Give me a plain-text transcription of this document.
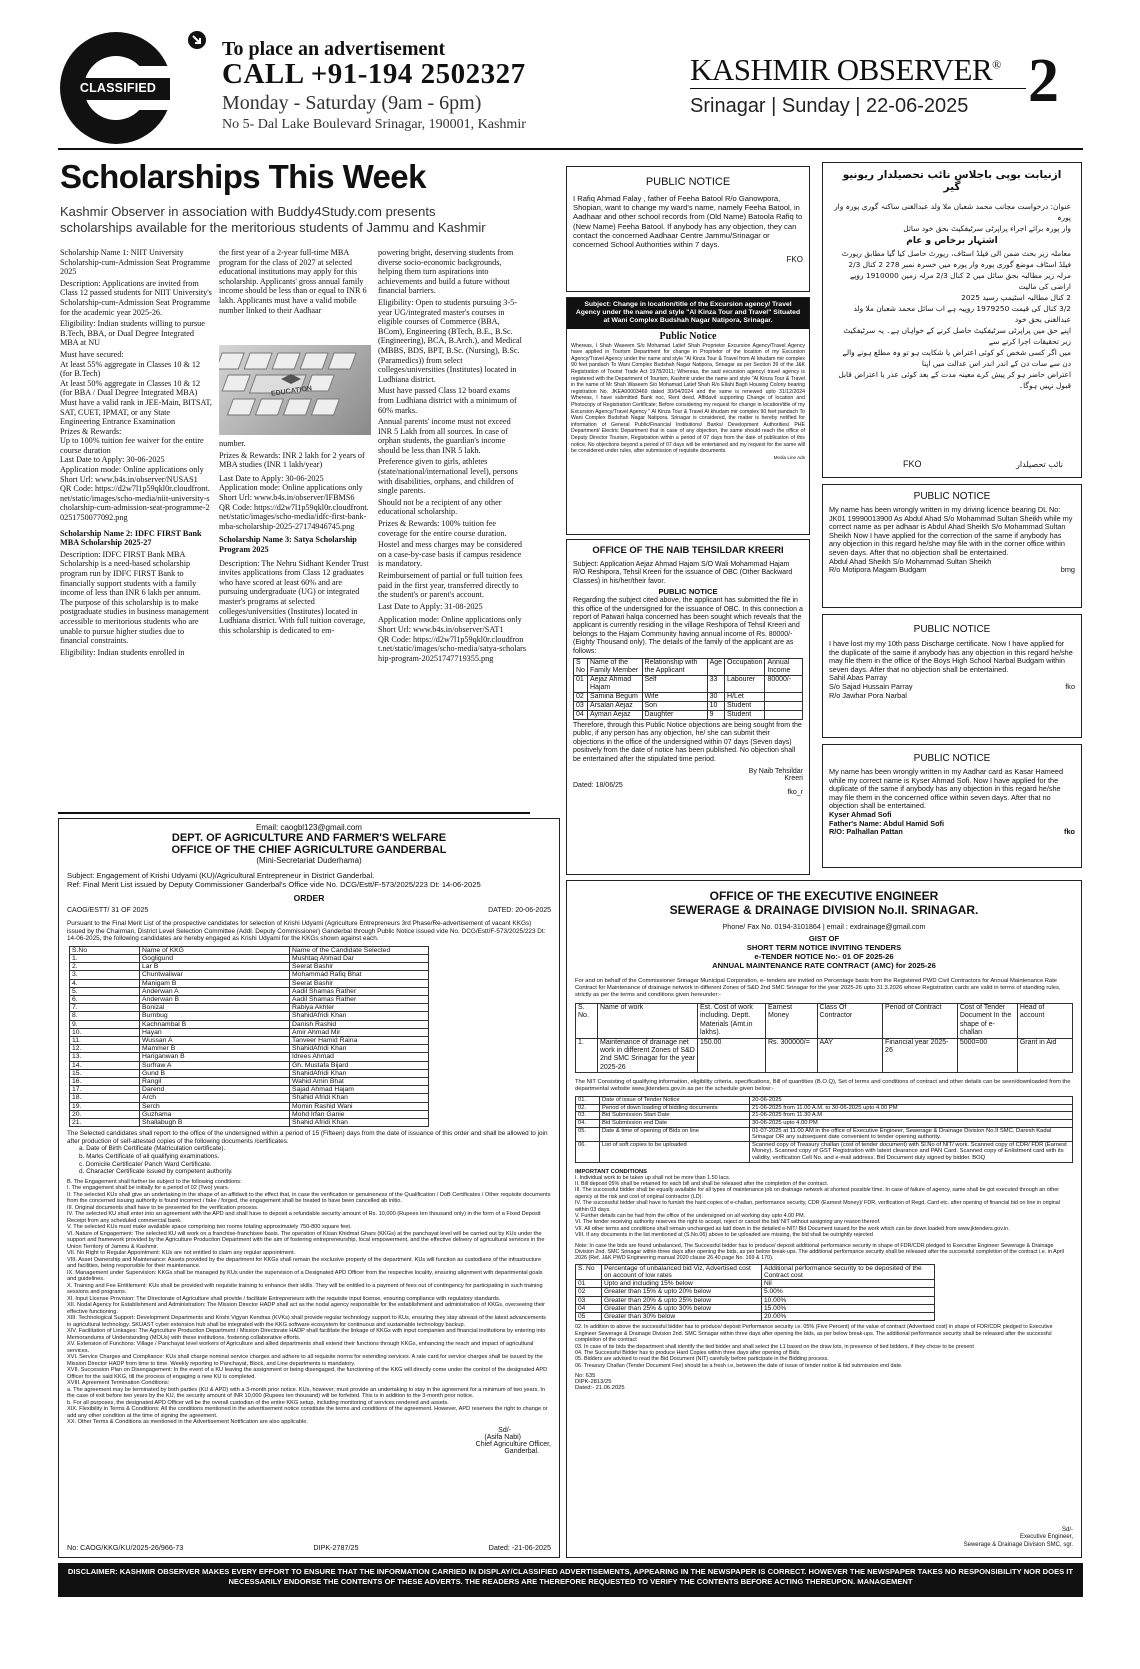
CLASSIFIED
To place an advertisement
CALL +91-194 2502327
Monday - Saturday (9am - 6pm)
No 5- Dal Lake Boulevard Srinagar, 190001, Kashmir
KASHMIR OBSERVER®
Srinagar | Sunday | 22-06-2025 2
Scholarships This Week
Kashmir Observer in association with Buddy4Study.com presents scholarships available for the meritorious students of Jammu and Kashmir
Scholarship Name 1: NIIT University Scholarship-cum-Admission Seat Programme 2025
Description: Applications are invited from Class 12 passed students for NIIT University's Scholarship-cum-Admission Seat Programme for the academic year 2025-26.
Eligibility: Indian students willing to pursue B.Tech, BBA, or Dual Degree Integrated MBA at NU
Must have secured:
At least 55% aggregate in Classes 10 & 12 (for B.Tech)
At least 50% aggregate in Classes 10 & 12 (for BBA / Dual Degree Integrated MBA)
Must have a valid rank in JEE-Main, BITSAT, SAT, CUET, IPMAT, or any State Engineering Entrance Examination
Prizes & Rewards:
Up to 100% tuition fee waiver for the entire course duration
Last Date to Apply: 30-06-2025
Application mode: Online applications only
Short Url: www.b4s.in/observer/NUSAS1
QR Code: https://d2w7l1p59qkl0r.cloudfront.net/static/images/scho-media/niit-university-scholarship-cum-admission-seat-programme-20251750077092.png
Scholarship Name 2: IDFC FIRST Bank MBA Scholarship 2025-27
Description: IDFC FIRST Bank MBA Scholarship is a need-based scholarship program run by IDFC FIRST Bank to financially support students with a family income of less than INR 6 lakh per annum. The purpose of this scholarship is to make postgraduate studies in business management accessible to meritorious students who are unable to pursue higher studies due to financial constraints.
Eligibility: Indian students enrolled in
the first year of a 2-year full-time MBA program for the class of 2027 at selected educational institutions may apply for this scholarship. Applicants' gross annual family income should be less than or equal to INR 6 lakh. Applicants must have a valid mobile number linked to their Aadhaar
EDUCATION
number.
Prizes & Rewards: INR 2 lakh for 2 years of MBA studies (INR 1 lakh/year)
Last Date to Apply: 30-06-2025
Application mode: Online applications only
Short Url: www.b4s.in/observer/IFBMS6
QR Code: https://d2w7l1p59qkl0r.cloudfront.net/static/images/scho-media/idfc-first-bank-mba-scholarship-2025-27174946745.png
Scholarship Name 3: Satya Scholarship Program 2025
Description: The Nehru Sidhant Kender Trust invites applications from Class 12 graduates who have scored at least 60% and are pursuing undergraduate (UG) or integrated master's programs at selected colleges/universities (Institutes) located in Ludhiana district. With full tuition coverage, this scholarship is dedicated to em-
powering bright, deserving students from diverse socio-economic backgrounds, helping them turn aspirations into achievements and build a future without financial barriers.
Eligibility: Open to students pursuing 3-5-year UG/integrated master's courses in eligible courses of Commerce (BBA, BCom), Engineering (BTech, B.E., B.Sc. (Engineering), BCA, B.Arch.), and Medical (MBBS, BDS, BPT, B.Sc. (Nursing), B.Sc. (Paramedics)) from select colleges/universities (Institutes) located in Ludhiana district.
Must have passed Class 12 board exams from Ludhiana district with a minimum of 60% marks.
Annual parents' income must not exceed INR 5 Lakh from all sources. In case of orphan students, the guardian's income should be less than INR 5 lakh.
Preference given to girls, athletes (state/national/international level), persons with disabilities, orphans, and children of single parents.
Should not be a recipient of any other educational scholarship.
Prizes & Rewards: 100% tuition fee coverage for the entire course duration.
Hostel and mess charges may be considered on a case-by-case basis if campus residence is mandatory.
Reimbursement of partial or full tuition fees paid in the first year, transferred directly to the student's or parent's account.
Last Date to Apply: 31-08-2025
Application mode: Online applications only
Short Url: www.b4s.in/observer/SAT1
QR Code: https://d2w7l1p59qkl0r.cloudfront.net/static/images/scho-media/satya-scholarship-program-20251747719355.png
PUBLIC NOTICE
I Rafiq Ahmad Falay , father of Feeha Batool R/o Ganowpora, Shopian, want to change my ward's name, namely Feeha Batool, in Aadhaar and other school records from (Old Name) Batoola Rafiq to (New Name) Feeha Batool. If anybody has any objection, they can contact the concerned Aadhaar Centre Jammu/Srinagar or concerned School Authorities within 7 days.
FKO
Subject: Change in location/title of the Excursion agency/ Travel Agency under the name and style "Al Kinza Tour and Travel" Situated at Wani Complex Budshah Nagar Natipora, Srinagar.
Public Notice
Whereas, I Shah Waseem S/o Mohamad Latief Shah Proprietor Excursion Agency/Travel Agency have applied in Tourism Department for change in Proprietor of the location of my Excursion Agency/Travel Agency under the name and style "Al Kinza Tour & Travel from Al khudam mir complex 90 feet pandach To Wani Complex Budshah Nagar Natipora, Srinagar as per Section 39 of the J&K Registration of Tourist Trade Act 1978/2011; Whereas, the said excursion agency/ travel agency is registered with the Department of Tourism, Kashmir under the name and style "Al Kinza Tour & Travel in the name of Mr Shah Waseem S/o Mohamad Latief Shah R/o Ellahi Bagh Housing Colony bearing registration No. JKEA00003469 dated 30/04/2024 and the same is renewed upto 31/12/2024 Whereas, I have submitted Bank noc, Rent deed, Affidavit supporting Change of location and Photocopy of Registration Certificate; Before considering my request for change in location/title of my Excursion Agency/Travel Agency " Al Kinza Tour & Travel Al khudam mir complex 90 feet pandach To Wani Complex Budshah Nagar Natipora, Srinagar is considered, the matter is hereby notified for information of General Public/Financial Institutions/ Banks/ Development Authorities/ PHE Department/ Electric Department that in case of any objection, the same should reach the office of Deputy Director Tourism, Registration within a period of 07 days from the date of publication of this notice. No objections beyond a period of 07 days will be entertained and my request for the same will be considered under rules, after submission of requisite documents.
Media Line Ads
ازنیابت بوپی باجلاس نائب تحصیلدار ریونیو گیر
عنوان: درخواست مجانب محمد شعبان ملا ولد عبدالغنی ساکنہ گوری پورہ وار پورہ
وار پورہ برائے اجراء پراپرٹی سرٹیفکیٹ بحق خود سائل
اشتہار برخاص و عام
معاملہ زیر بحث ضمن الی فیلڈ اسٹاف، ریورٹ حاصل کیا گیا مطابق ریورٹ فیلڈ اسٹاف موضع گوری پورہ وار پورہ میں خسرہ نمبر 278 2 کنال 2/3 مرلہ زیر مطالبہ بحق سائل میں 2 کنال 2/3 مرلہ زمین 1910000 روپے اراضی کی مالیت
2 کنال مطالبہ اسٹیمپ رسید 2025
3/2 کنال کی قیمت 1979250 روپیہ ہے اب سائل محمد شعبان ملا ولد عبدالغنی بحق خود
اپنے حق میں پراپرٹی سرٹیفکیٹ حاصل کرنے کے خواہاں ہے۔ یہ سرٹیفکیٹ زیر تحقیقات اجرا کرنے سے
میں اگر کسی شخص کو کوئی اعتراض یا شکایت ہو تو وہ مطلع ہونے والے دن سے سات دن کے اندر اندر اس عدالت میں اپنا
اعتراض حاضر ہو کر پیش کرے معینہ مدت کے بعد کوئی عذر یا اعتراض قابل
قبول نہیں ہوگا۔
FKO	نائب تحصیلدار
PUBLIC NOTICE
My name has been wrongly written in my driving licence bearing DL No: JK01 19990013900 As Abdul Ahad S/o Mohammad Sultan Sheikh while my correct name as per adhaar is Abdul Ahad Sheikh S/o Mohammad Sultan Sheikh Now I have applied for the correction of the same if anybody has any objection in this regard he/she may file with in the corner office within seven days. After that no objection shall be entertained.
Abdul Ahad Sheikh S/o Mohammad Sultan Sheikh
R/o Motipora Magam Budgam	bmg
PUBLIC NOTICE
I have lost my my 10th pass Discharge certificate. Now I have applied for the duplicate of the same if anybody has any objection in this regard he/she may file them in the office of the Boys High School Narbal Budgam within seven days. After that no objection shall be entertained.
Sahil Abas Parray
S/o Sajad Hussain Parray	fko
R/o Jawhar Pora Narbal
PUBLIC NOTICE
My name has been wrongly written in my Aadhar card as Kasar Hameed while my correct name is Kyser Ahmad Sofi. Now I have applied for the duplicate of the same if anybody has any objection in this regard he/she may file them in the concerned office within seven days. After that no objection shall be entertained.
Kyser Ahmad Sofi
Father's Name: Abdul Hamid Sofi
R/O: Palhallan Pattan	fko
OFFICE OF THE NAIB TEHSILDAR KREERI
Subject: Application Aejaz Ahmad Hajam S/O Wali Mohammad Hajam R/O Reshipora, Tehsil Kreeri for the issuance of OBC (Other Backward Classes) in his/her/their favor.
PUBLIC NOTICE
Regarding the subject cited above, the applicant has submitted the file in this office of the undersigned for the issuance of OBC. In this connection a report of Patwari halqa concerned has been sought which reveals that the applicant is currently residing in the village Reshipora of Tehsil Kreeri and belongs to the Hajam Community having annual income of Rs. 80000/- (Eighty Thousand only). The details of the family of the applicant are as follows:
S No	Name of the Family Member	Relationship with the Applicant	Age	Occupation	Annual Income
01	Aejaz Ahmad Hajam	Self	33	Labourer	80000/-
02	Samina Begum	Wife	30	H/Let	
03	Arsalan Aejaz	Son	10	Student	
04	Ayman Aejaz	Daughter	9	Student	
Therefore, through this Public Notice objections are being sought from the public, if any person has any objection, he/ she can submit their objections in the office of the undersigned within 07 days (Seven days) positively from the date of notice has been published. No objection shall be entertained after the stipulated time period.
By Naib Tehsildar
Kreeri
Dated: 18/06/25
fko_r
Email: caogbl123@gmail.com
DEPT. OF AGRICULTURE AND FARMER'S WELFARE
OFFICE OF THE CHIEF AGRICULTURE GANDERBAL
(Mini-Secretariat Duderhama)
Subject: Engagement of Krishi Udyami (KU)/Agricultural Entrepreneur in District Ganderbal.
Ref: Final Merit List issued by Deputy Commissioner Ganderbal's Office vide No. DCG/Estt/F-573/2025/223 Dt: 14-06-2025
ORDER
CAOG/ESTT/ 31 OF 2025	DATED: 20-06-2025
Pursuant to the Final Merit List of the prospective candidates for selection of Krishi Udyami (Agriculture Entrepreneurs 3rd Phase/Re-advertisement of vacant KKGs) issued by the Chairman, District Level Selection Committee (Addl. Deputy Commissioner) Ganderbal through Public Notice issued vide No. DCG/Estt/F-573/2025/223 Dt: 14-06-2025, the following candidates are hereby engaged as Krishi Udyami for the KKGs shown against each.
S.No	Name of KKG	Name of the Candidate Selected
1.	Gogligund	Mushtaq Ahmad Dar
2.	Lar B	Seerat Bashir
3.	Chuntwaliwar	Mohammad Rafiq Bhat
4.	Manigam B	Seerat Bashir
5.	Anderwan A	Aadil Shamas Rather
6.	Anderwan B	Aadil Shamas Rather
7.	Bonizal	Rabiya Akhter
8.	Burnbug	ShahidAfridi Khan
9.	Kachnambal B	Danish Rashid
10.	Hayan	Amir Ahmad Mir
11.	Wussan A	Tanveer Hamid Raina
12.	Mammer B	ShahidAfridi Khan
13.	Hariganwan B	Idrees Ahmad
14.	Surfraw A	Gh. Mustafa Bijard
15.	Gund B	ShahidAfridi Khan
16.	Rangil	Wahid Amin Bhat
17.	Darend	Sajad Ahmad Hajam
18.	Arch	Shahid Afridi Khan
19.	Serch	Momin Rashid Wani
20.	Guzhama	Mohd Irfan Ganie
21.	Shallabugh B	Shahid Afridi Khan
The Selected candidates shall report to the office of the undersigned within a period of 15 (Fifteen) days from the date of issuance of this order and shall be allowed to join after production of self-attested copies of the following documents /certificates.
a. Date of Birth Certificate (Matriculation certificate).
b. Marks Certificate of all qualifying examinations.
c. Domicile Certificate/ Panch Ward Certificate.
d. Character Certificate issued by competent authority.
B. The Engagement shall further be subject to the following conditions:
I. The engagement shall be initially for a period of 02 (Two) years.
II. The selected KUs shall give an undertaking in the shape of an affidavit to the effect that, in case the verification or genuineness of the Qualification / DoB Certificates / Other requisite documents from the concerned issuing authority is found incorrect / fake / forged, the engagement shall be treated to have been cancelled ab initio.
III. Original documents shall have to be presented for the verification process.
IV. The selected KU shall enter into an agreement with the APD and shall have to deposit a refundable security amount of Rs. 10,000 (Rupees ten thousand only) in the form of a Fixed Deposit Receipt from any scheduled commercial bank.
V. The selected KUs must make available space comprising two rooms totaling approximately 750-800 square feet.
VI. Nature of Engagement: The selected KU will work on a franchise-franchisee basis. The operation of Kisan Khidmat Ghars (KKGs) at the panchayat level will be carried out by KUs under the support and framework provided by the Agriculture Production Department with the aim of fostering entrepreneurship, local empowerment, and the effective delivery of agricultural services in the Union Territory of Jammu & Kashmir.
VII. No Right to Regular Appointment: KUs are not entitled to claim any regular appointment.
VIII. Asset Ownership and Maintenance: Assets provided by the department for KKGs shall remain the exclusive property of the department. KUs will function as custodians of the infrastructure and facilities, being responsible for their maintenance.
IX. Management under Supervision: KKGs shall be managed by KUs under the supervision of a Designated APD Officer from the respective locality, ensuring alignment with departmental goals and guidelines.
X. Training and Fee Entitlement: KUs shall be provided with requisite training to enhance their skills. They will be entitled to a payment of fees out of contingency for participating in such training sessions and programs.
XI. Input License Provision: The Directorate of Agriculture shall provide / facilitate Entrepreneurs with the requisite input license, ensuring compliance with regulatory standards.
XII. Nodal Agency for Establishment and Administration: The Mission Director HADP shall act as the nodal agency responsible for the establishment and administration of KKGs, overseeing their effective functioning.
XIII. Technological Support: Development Departments and Krishi Vigyan Kendras (KVKs) shall provide regular technology support to KUs, ensuring they stay abreast of the latest advancements in agricultural technology. SKUAST cyber extension hub shall be integrated with the KKG software ecosystem for continuous and sustainable technology backup.
XIV. Facilitation of Linkages: The Agriculture Production Department / Mission Directorate HADP shall facilitate the linkage of KKGs with input companies and financial institutions by entering into Memorandums of Understanding (MOUs) with these institutions, fostering collaborative efforts.
XV. Extension of Functions: Village / Panchayat level workers of Agriculture and allied departments shall extend their functions through KKGs, enhancing the reach and impact of agricultural services.
XVI. Service Charges and Compliance: KUs shall charge nominal service charges and adhere to all requisite norms for extending services. A rate card for service charges shall be issued by the Mission Director HADP from time to time. Weekly reporting to Panchayat, Block, and Line departments is mandatory.
XVII. Succession Plan on Disengagement: In the event of a KU leaving the assignment or being disengaged, the functioning of the KKG will directly come under the control of the designated APD Officer for the said KKG, till the process of engaging a new KU is completed.
XVIII. Agreement Termination Conditions:
a. The agreement may be terminated by both parties (KU & APD) with a 3-month prior notice. KUs, however, must provide an undertaking to stay in the agreement for a minimum of two years. In the case of exit before two years by the KU, the security amount of INR 10,000 (Rupees ten thousand) will be forfeited. This is in addition to the 3-month prior notice.
b. For all purposes, the designated APD Officer will be the overall custodian of the entire KKG setup, including monitoring of services rendered and assets.
XIX. Flexibility in Terms & Conditions: All the conditions mentioned in the advertisement notice constitute the terms and conditions of the agreement. However, APD reserves the right to change or add any other condition at the time of signing the agreement.
XX. Other Terms & Conditions as mentioned in the Advertisement Notification are also applicable.
Sd/-
(Asifa Nabi)
Chief Agriculture Officer,
Ganderbal.
No: CAOG/KKG/KU/2025-26/966-73	DIPK-2787/25	Dated: -21-06-2025
OFFICE OF THE EXECUTIVE ENGINEER
SEWERAGE & DRAINAGE DIVISION No.II. SRINAGAR.
Phone/ Fax No. 0194-3101864 | email : exdrainage@gmail.com
GIST OF
SHORT TERM NOTICE INVITING TENDERS
e-TENDER NOTICE No:- 01 OF 2025-26
ANNUAL MAINTENANCE RATE CONTRACT (AMC) for 2025-26
For and on behalf of the Commissioner Srinagar Municipal Corporation, e- tenders are invited on Percentage basis from the Registered PWD Civil Contractors for Annual Maintenance Rate Contract for Maintenance of drainage network in different Zones of S&D 2nd SMC Srinagar for the year 2025-26 upto 31.3.2026 whose Registration cards are valid in terms of standing rules, strictly as per the terms and conditions given hereunder:-
S. No.	Name of work	Est. Cost of work including. Deptt. Materials (Amt.in lakhs).	Earnest Money	Class Of Contractor	Period of Contract	Cost of Tender Document In the shape of e-challan	Head of account
1.	Maintenance of drainage net work in different Zones of S&D 2nd SMC Srinagar for the year 2025-26	150.00	Rs. 300000/=	AAY	Financial year 2025-26	5000=00	Grant in Aid
The NIT Consisting of qualifying information, eligibility criteria, specifications, Bill of quantities (B.O.Q), Set of terms and conditions of contract and other details can be seen/downloaded from the departmental website www.jktenders.gov.in as per the schedule given below:-
01.	Date of issue of Tender Notice	20-06-2025
02.	Period of down loading of bidding documents	21-06-2025 from 11.00 A.M. to 30-06-2025 upto 4.00 PM
03.	Bid Submission Start Date	21-06-2025 from 11.30 A.M
04.	Bid Submission end Date	30-06-2025 upto 4.00 PM
05.	Date & time of opening of Bids on line	01-07-2025 at 11.00 AM in the office of Executive Engineer, Sewerage & Drainage Division No.II SMC, Daresh Kadal Srinagar OR any subsequent date convenient to tender opening authority.
06.	List of soft copies to be uploaded	Scanned copy of Treasury challan (cost of tender document) with Sl.No of NIT/ work. Scanned copy of CDR/ FDR (Earnest Money). Scanned copy of GST Registration with latest clearance and PAN Card. Scanned copy of Enlistment card with its validity, verification Cell No. and e-mail address. Bid Document duly signed by bidder. BOQ
IMPORTANT CONDITIONS
I. Individual work to be taken up shall not be more than 1.50 lacs.
II. Bill deposit 05% shall be retained for each bill and shall be released after the completion of the contract.
III. The successful bidder shall be equally available for all types of maintenance job on drainage network at shortest possible time. In case of failure of agency, same shall be got executed through an other agency at the risk and cost of original contractor (LD).
IV. The successful bidder shall have to furnish the hard copies of e-challan, performance security, CDR (Earnest Money)/ FDR, verification of Regd. Card etc. after opening of financial bid on line in original within 03 days.
V. Further details can be had from the office of the undersigned on all working day upto 4.00 PM.
VI. The tender receiving authority reserves the right to accept, reject or cancel the bid/ NIT without assigning any reason thereof.
VII. All other terms and conditions shall remain unchanged as laid down in the detailed e-NIT/ Bid Document issued for the work which can be down loaded from www.jktenders.gov.in.
VIII. If any documents in the list mentioned at (S.No.06) above to be uploaded are missing, the bid shall be outrightly rejected
Note: In case the bids are found unbalanced, The Successful bidder has to produce/ deposit additional performance security in shape of FDR/CDR pledged to Executive Engineer Sewerage & Drainage Division 2nd. SMC Srinagar within three days after opening the bids, as per below break-ups. The additional performance security shall be released after the successful completion of the contract i.e. in April 2026 (Ref. J&K PWD Engineering manual 2020 clause 26.40 page No. 169 & 170).
S. No	Percentage of unbalanced bid Viz, Advertised cost on account of low rates	Additional performance security to be deposited of the Contract cost
01	Upto and including 15% below	Nil
02	Greater than 15% & upto 20% below	5.00%
03	Greater than 20% & upto 25% below	10.00%
04	Greater than 25% & upto 30% below	15.00%
05	Greater than 30% below	20.00%
02. In addition to above the successful bidder has to produce/ deposit Performance security i.e. 05% (Five Percent) of the value of contract (Advertised cost) in shape of FDR/CDR pledged to Executive Engineer Sewerage & Drainage Division 2nd. SMC Srinagar within three days after opening the bids, as per below break-ups. The additional performance security shall be released after the successful completion of the contract
03. In case of tie bids the department shall identify the tied bidder and shall select the L1 based on the draw lots, in presence of tied bidders, if they chose to be present
04. The Successful Bidder has to produce Hard Copies within three days after opening of Bids.
05. Bidders are advised to read the Bid Document (NIT) carefully before participate in the Bidding process.
06. Treasury Challan (Tender Document Fee) should be a fresh i.e, between the date of issue of tender notice & bid submission end date.
No: 635
DIPK-2813/25
Dated:- 21.06.2025
Sd/-
Executive Engineer,
Sewerage & Drainage Division SMC, sgr.
DISCLAIMER: KASHMIR OBSERVER MAKES EVERY EFFORT TO ENSURE THAT THE INFORMATION CARRIED IN DISPLAY/CLASSIFIED ADVERTISEMENTS, APPEARING IN THE NEWSPAPER IS CORRECT. HOWEVER THE NEWSPAPER TAKES NO RESPONSIBILITY NOR DOES IT NECESSARILY ENDORSE THE CONTENTS OF THESE ADVERTS. THE READERS ARE THEREFORE REQUESTED TO VERIFY THE CONTENTS BEFORE ACTING THEREUPON. MANAGEMENT
